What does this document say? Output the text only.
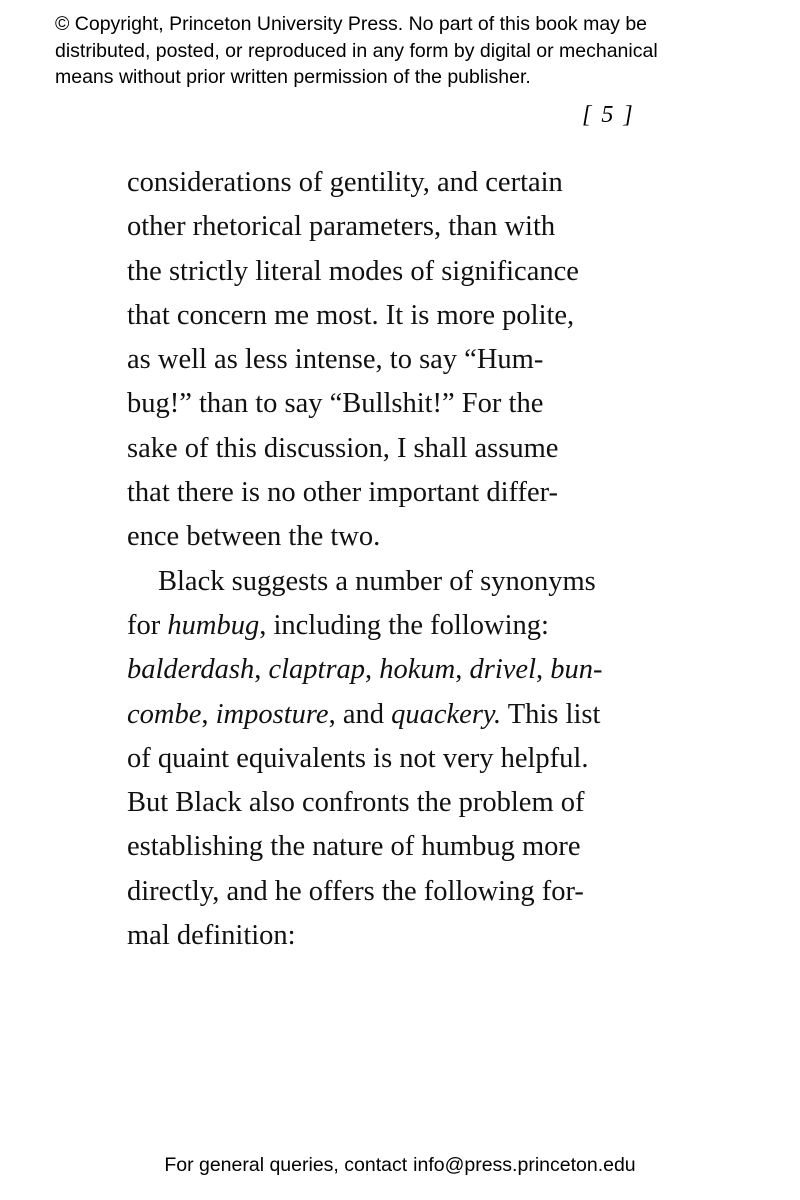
© Copyright, Princeton University Press. No part of this book may be
distributed, posted, or reproduced in any form by digital or mechanical
means without prior written permission of the publisher.
[ 5 ]
considerations of gentility, and certain
other rhetorical parameters, than with
the strictly literal modes of significance
that concern me most. It is more polite,
as well as less intense, to say “Hum-
bug!” than to say “Bullshit!” For the
sake of this discussion, I shall assume
that there is no other important differ-
ence between the two.
Black suggests a number of synonyms
for humbug, including the following:
balderdash, claptrap, hokum, drivel, bun-
combe, imposture, and quackery. This list
of quaint equivalents is not very helpful.
But Black also confronts the problem of
establishing the nature of humbug more
directly, and he offers the following for-
mal definition:
For general queries, contact info@press.princeton.edu
